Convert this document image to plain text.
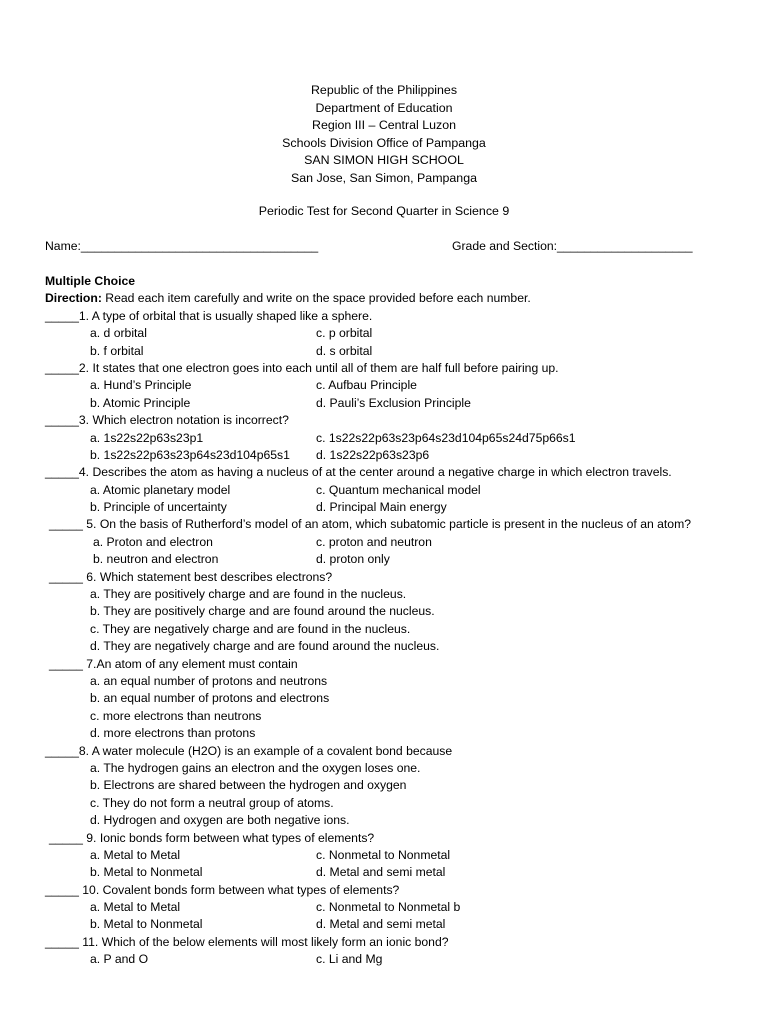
Republic of the Philippines
Department of Education
Region III – Central Luzon
Schools Division Office of Pampanga
SAN SIMON HIGH SCHOOL
San Jose, San Simon, Pampanga
Periodic Test for Second Quarter in Science 9
Name:___________________________________	Grade and Section:____________________
Multiple Choice
Direction: Read each item carefully and write on the space provided before each number.
_____1. A type of orbital that is usually shaped like a sphere.
a. d orbital	c. p orbital
b. f orbital	d. s orbital
_____2. It states that one electron goes into each until all of them are half full before pairing up.
a. Hund’s Principle	c. Aufbau Principle
b. Atomic Principle	d. Pauli’s Exclusion Principle
_____3. Which electron notation is incorrect?
a. 1s22s22p63s23p1	c. 1s22s22p63s23p64s23d104p65s24d75p66s1
b. 1s22s22p63s23p64s23d104p65s1 d. 1s22s22p63s23p6
_____4. Describes the atom as having a nucleus of at the center around a negative charge in which electron travels.
a. Atomic planetary model	c. Quantum mechanical model
b. Principle of uncertainty	d. Principal Main energy
_____ 5. On the basis of Rutherford’s model of an atom, which subatomic particle is present in the nucleus of an atom?
a. Proton and electron	c. proton and neutron
b. neutron and electron	d. proton only
_____ 6. Which statement best describes electrons?
a. They are positively charge and are found in the nucleus.
b. They are positively charge and are found around the nucleus.
c. They are negatively charge and are found in the nucleus.
d. They are negatively charge and are found around the nucleus.
_____ 7.An atom of any element must contain
a. an equal number of protons and neutrons
b. an equal number of protons and electrons
c. more electrons than neutrons
d. more electrons than protons
_____8. A water molecule (H2O) is an example of a covalent bond because
a. The hydrogen gains an electron and the oxygen loses one.
b. Electrons are shared between the hydrogen and oxygen
c. They do not form a neutral group of atoms.
d. Hydrogen and oxygen are both negative ions.
_____ 9. Ionic bonds form between what types of elements?
a. Metal to Metal	c. Nonmetal to Nonmetal
b. Metal to Nonmetal	d. Metal and semi metal
_____ 10. Covalent bonds form between what types of elements?
a. Metal to Metal	c. Nonmetal to Nonmetal b
b. Metal to Nonmetal	d. Metal and semi metal
_____ 11. Which of the below elements will most likely form an ionic bond?
a. P and O	c. Li and Mg
